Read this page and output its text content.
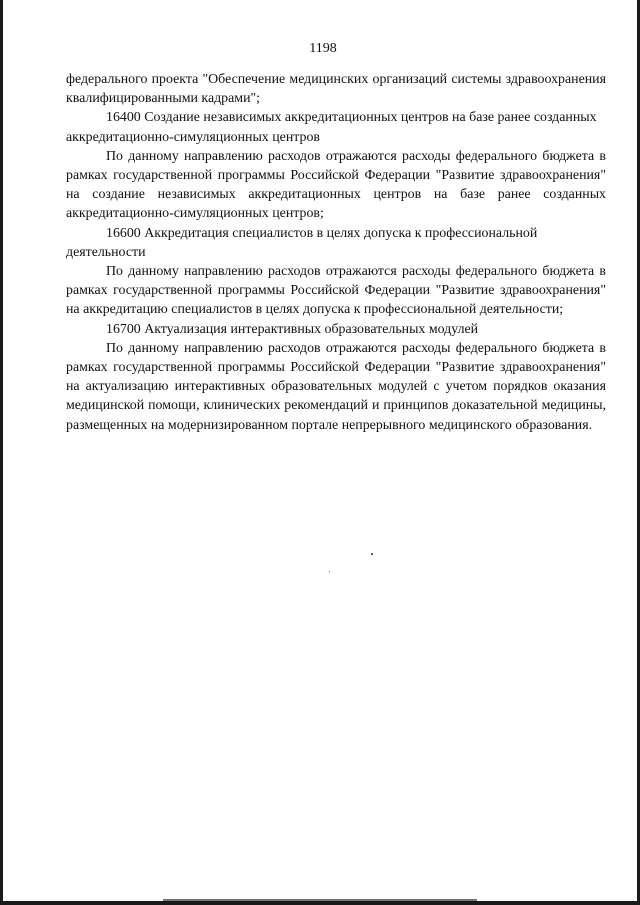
1198

федерального проекта "Обеспечение медицинских организаций системы здравоохранения квалифицированными кадрами";

16400 Создание независимых аккредитационных центров на базе ранее созданных аккредитационно-симуляционных центров

По данному направлению расходов отражаются расходы федерального бюджета в рамках государственной программы Российской Федерации "Развитие здравоохранения" на создание независимых аккредитационных центров на базе ранее созданных аккредитационно-симуляционных центров;

16600 Аккредитация специалистов в целях допуска к профессиональной деятельности

По данному направлению расходов отражаются расходы федерального бюджета в рамках государственной программы Российской Федерации "Развитие здравоохранения" на аккредитацию специалистов в целях допуска к профессиональной деятельности;

16700 Актуализация интерактивных образовательных модулей

По данному направлению расходов отражаются расходы федерального бюджета в рамках государственной программы Российской Федерации "Развитие здравоохранения" на актуализацию интерактивных образовательных модулей с учетом порядков оказания медицинской помощи, клинических рекомендаций и принципов доказательной медицины, размещенных на модернизированном портале непрерывного медицинского образования.
